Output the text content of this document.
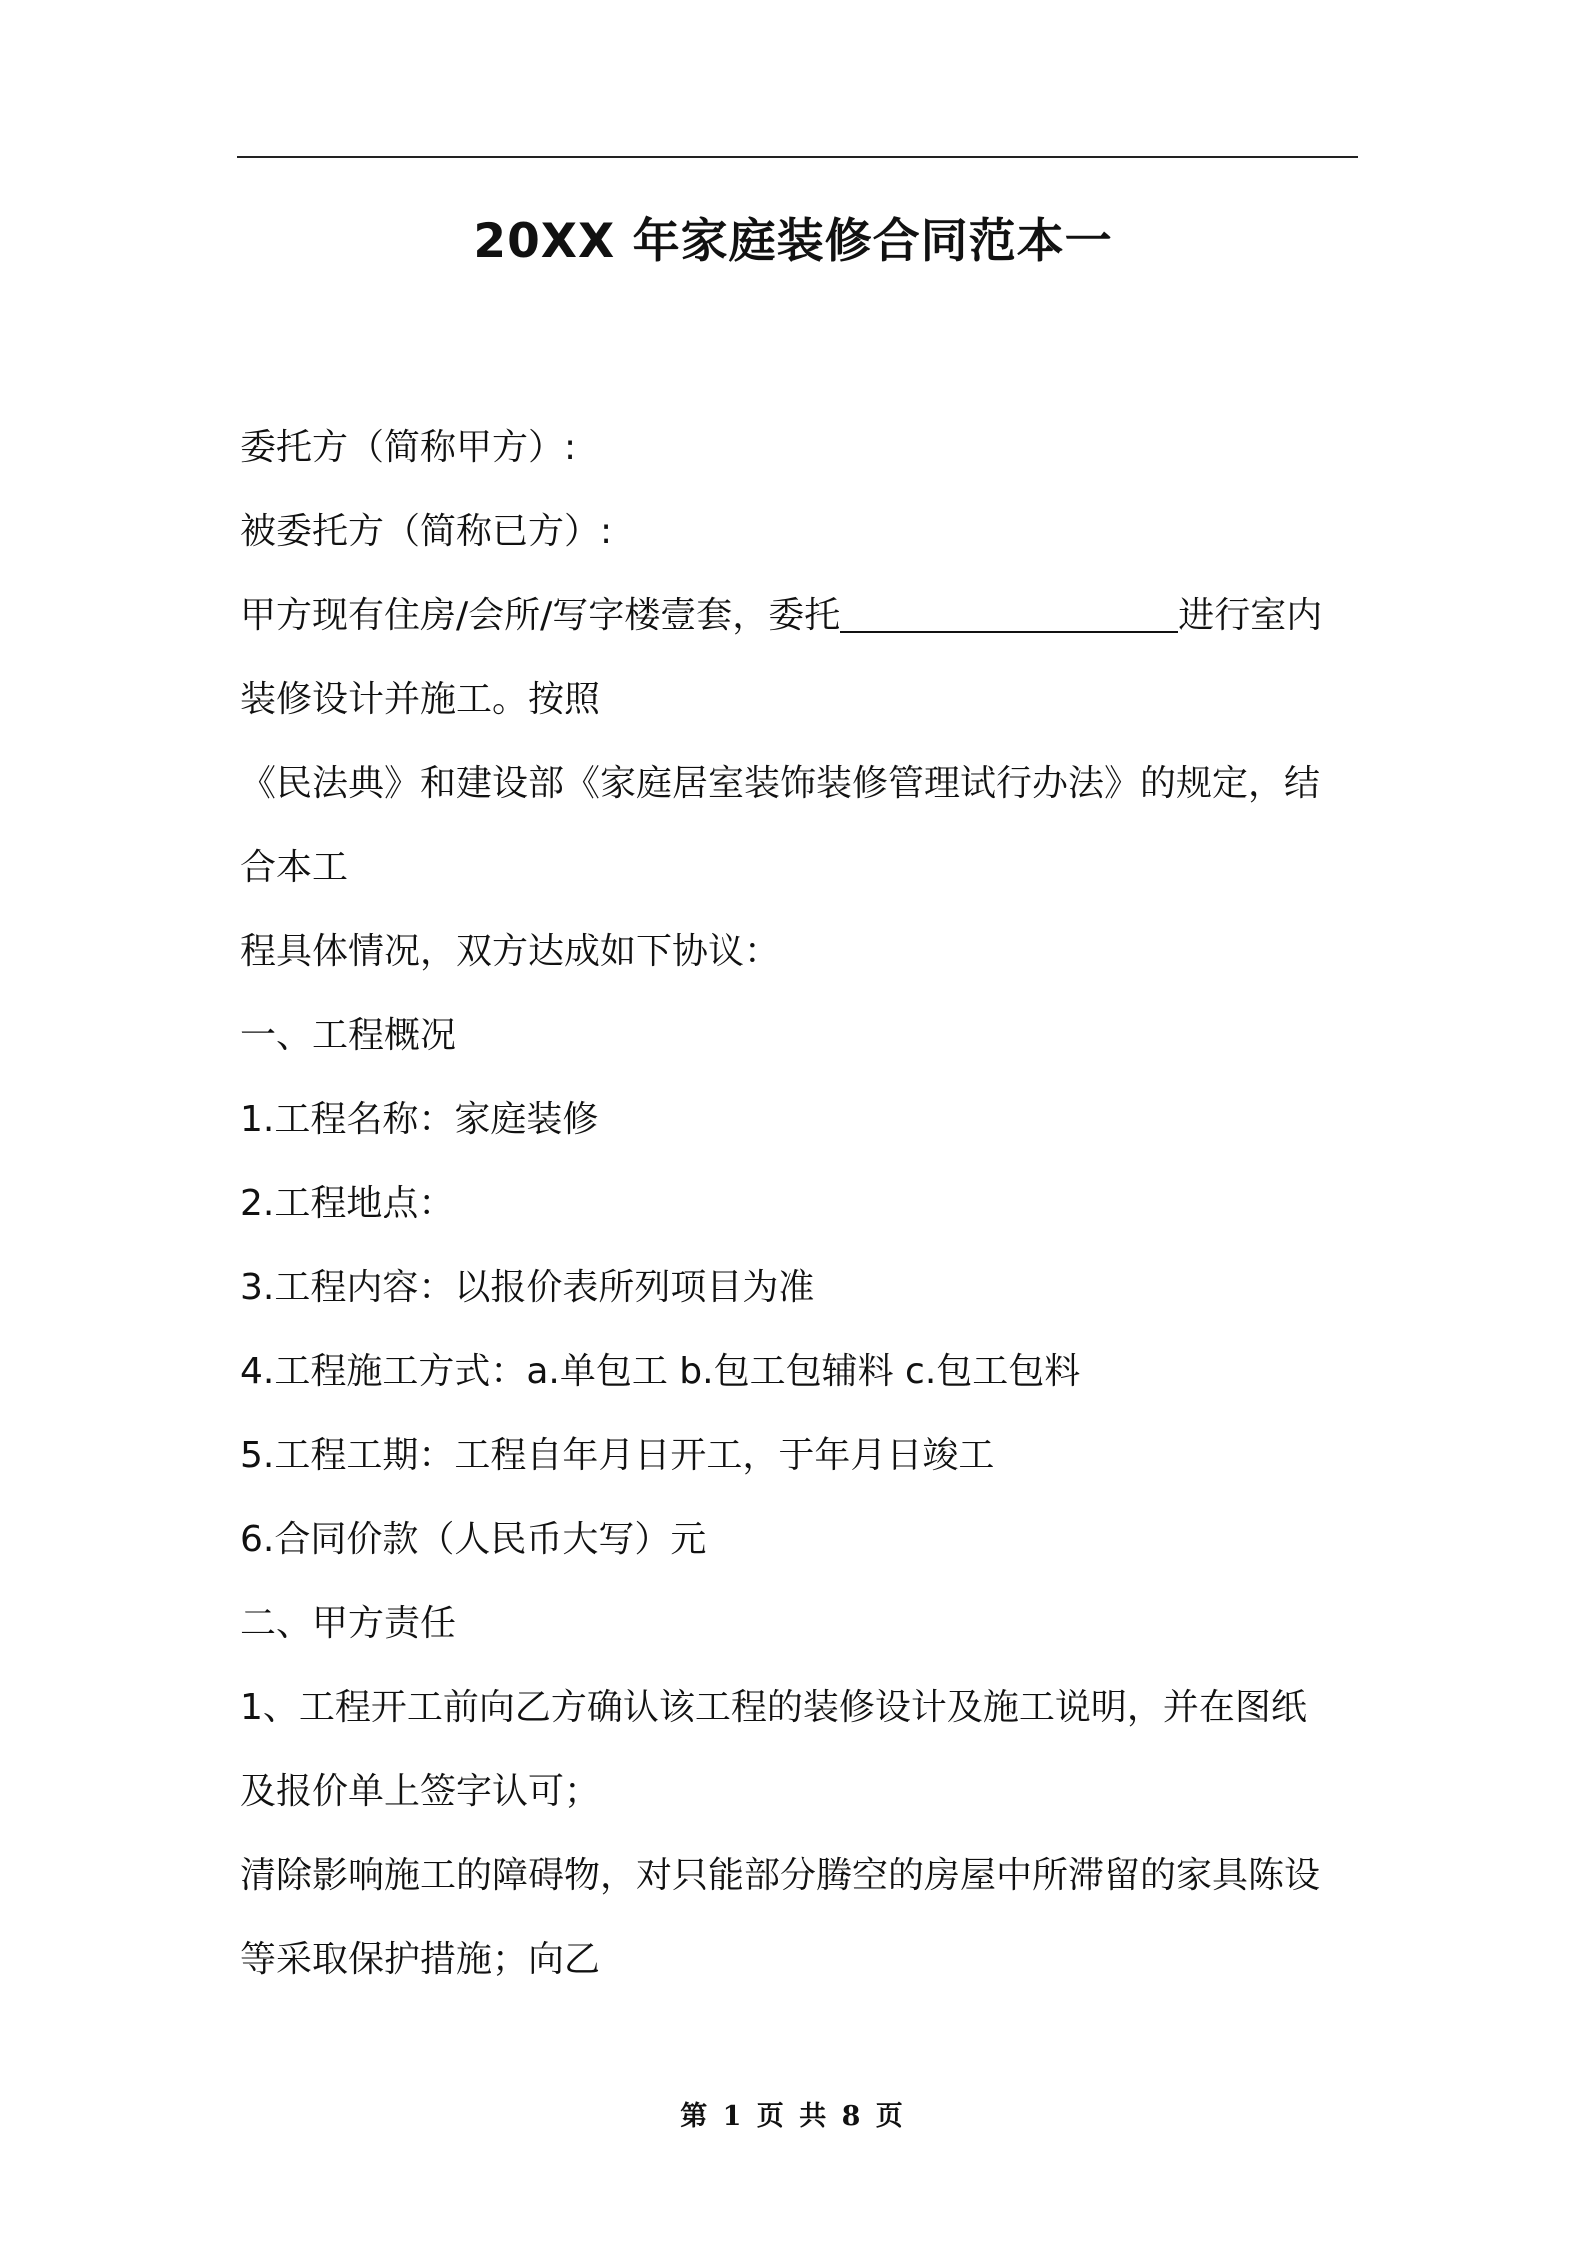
20XX 年家庭装修合同范本一
委托方（简称甲方）:
被委托方（简称已方）:
甲方现有住房/会所/写字楼壹套，委托	进行室内
装修设计并施工。按照
《民法典》和建设部《家庭居室装饰装修管理试行办法》的规定，结
合本工
程具体情况，双方达成如下协议：
一、工程概况
1.工程名称：家庭装修
2.工程地点：
3.工程内容：以报价表所列项目为准
4.工程施工方式：a.单包工 b.包工包辅料 c.包工包料
5.工程工期：工程自年月日开工，于年月日竣工
6.合同价款（人民币大写）元
二、甲方责任
1、工程开工前向乙方确认该工程的装修设计及施工说明，并在图纸
及报价单上签字认可；
清除影响施工的障碍物，对只能部分腾空的房屋中所滞留的家具陈设
等采取保护措施；向乙
第 1 页 共 8 页
